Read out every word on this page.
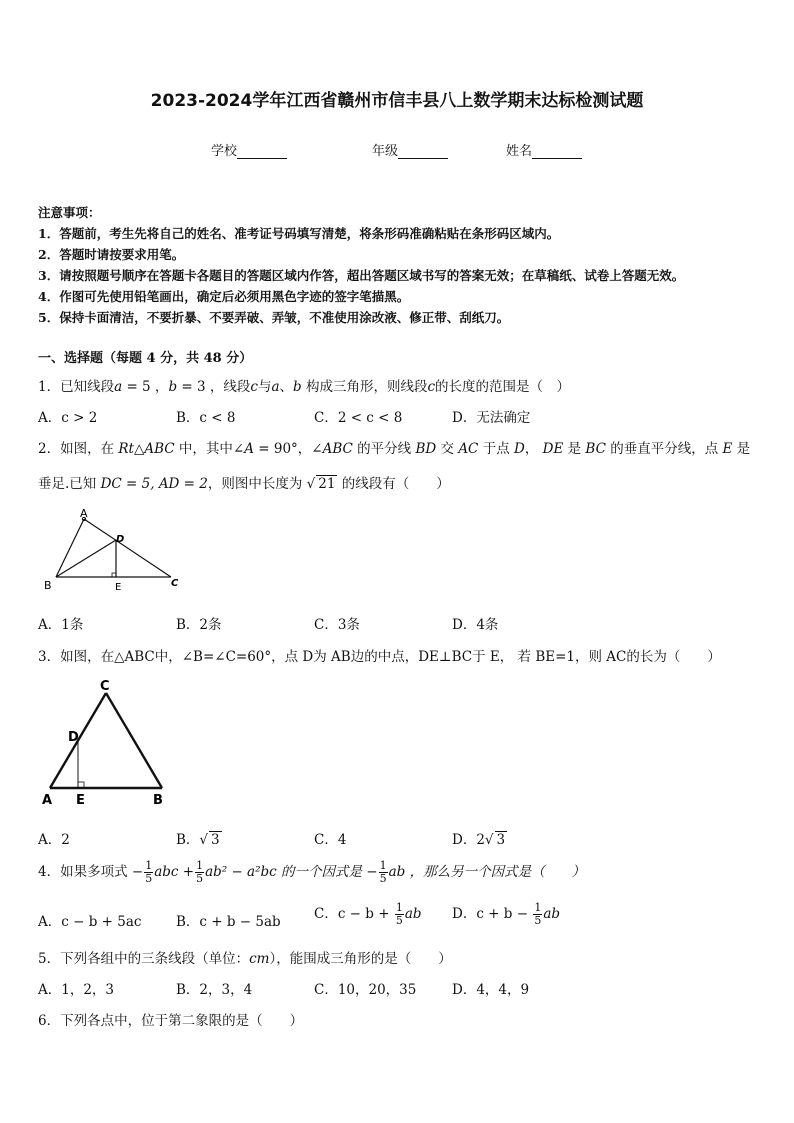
2023-2024学年江西省赣州市信丰县八上数学期末达标检测试题
学校	年级	姓名
注意事项：
1．答题前，考生先将自己的姓名、准考证号码填写清楚，将条形码准确粘贴在条形码区域内。
2．答题时请按要求用笔。
3．请按照题号顺序在答题卡各题目的答题区域内作答，超出答题区域书写的答案无效；在草稿纸、试卷上答题无效。
4．作图可先使用铅笔画出，确定后必须用黑色字迹的签字笔描黑。
5．保持卡面清洁，不要折暴、不要弄破、弄皱，不准使用涂改液、修正带、刮纸刀。
一、选择题（每题 4 分，共 48 分）
1．已知线段a = 5 ，b = 3 ，线段c与a、b 构成三角形，则线段c的长度的范围是（　）
A．c > 2	B．c < 8	C．2 < c < 8	D．无法确定
2．如图，在 Rt△ABC 中，其中∠A = 90°，∠ABC 的平分线 BD 交 AC 于点 D， DE 是 BC 的垂直平分线，点 E 是
垂足.已知 DC = 5, AD = 2，则图中长度为 √ 21 的线段有（　　）
A
B	C
D
E
A．1条	B．2条	C．3条	D．4条
3．如图，在△ABC中，∠B=∠C=60°，点 D为 AB边的中点，DE⊥BC于 E， 若 BE=1，则 AC的长为（　　）
C
D
A E	B
A．2	B．√ 3	C．4	D．2√ 3
4．如果多项式 − $\frac{1}{5}$ abc + $\frac{1}{5} ab^2 - a^2bc$ 的一个因式是 − $\frac{1}{5}$ ab ，那么另一个因式是（　　）
A．c − b + 5ac	B．c + b − 5ab C．$c - b + \frac{1}{5}$ ab D．$c + b - \frac{1}{5}$ ab
5．下列各组中的三条线段（单位：cm），能围成三角形的是（　　）
A．1，2，3	B．2，3，4	C．10，20，35	D．4，4，9
6．下列各点中，位于第二象限的是（　　）
